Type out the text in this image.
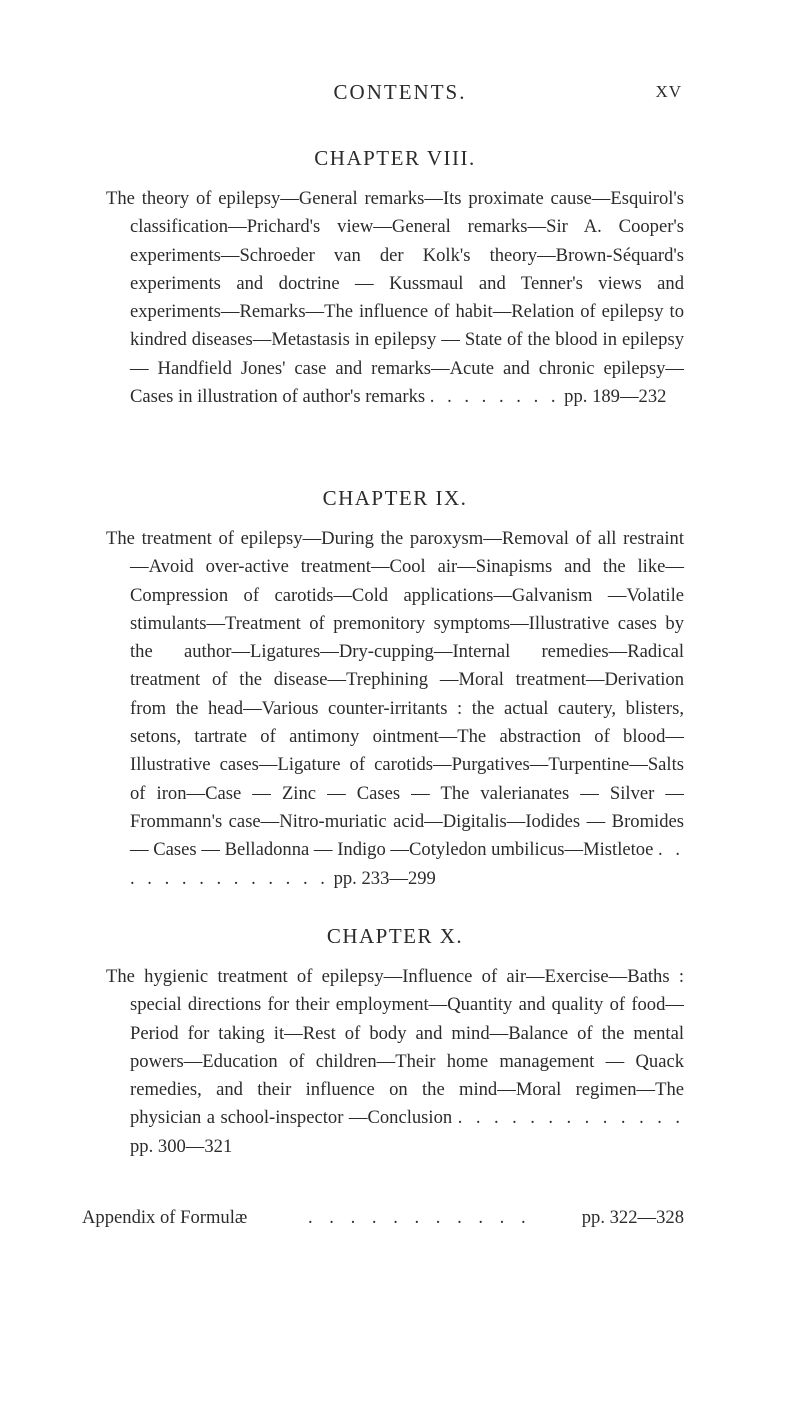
CONTENTS.	XV
CHAPTER VIII.

The theory of epilepsy—General remarks—Its proximate cause—Esquirol's classification—Prichard's view—General remarks—Sir A. Cooper's experiments—Schroeder van der Kolk's theory—Brown-Séquard's experiments and doctrine — Kussmaul and Tenner's views and experiments—Remarks—The influence of habit—Relation of epilepsy to kindred diseases—Metastasis in epilepsy — State of the blood in epilepsy — Handfield Jones' case and remarks—Acute and chronic epilepsy—Cases in illustration of author's remarks . . . . . . . . pp. 189—232

CHAPTER IX.

The treatment of epilepsy—During the paroxysm—Removal of all restraint—Avoid over-active treatment—Cool air—Sinapisms and the like—Compression of carotids—Cold applications—Galvanism —Volatile stimulants—Treatment of premonitory symptoms—Illustrative cases by the author—Ligatures—Dry-cupping—Internal remedies—Radical treatment of the disease—Trephining —Moral treatment—Derivation from the head—Various counter-irritants : the actual cautery, blisters, setons, tartrate of antimony ointment—The abstraction of blood—Illustrative cases—Ligature of carotids—Purgatives—Turpentine—Salts of iron—Case — Zinc — Cases — The valerianates — Silver — Frommann's case—Nitro-muriatic acid—Digitalis—Iodides — Bromides — Cases — Belladonna — Indigo —Cotyledon umbilicus—Mistletoe . . . . . . . . . . . . . . pp. 233—299

CHAPTER X.

The hygienic treatment of epilepsy—Influence of air—Exercise—Baths : special directions for their employment—Quantity and quality of food—Period for taking it—Rest of body and mind—Balance of the mental powers—Education of children—Their home management — Quack remedies, and their influence on the mind—Moral regimen—The physician a school-inspector —Conclusion . . . . . . . . . . . . . pp. 300—321

Appendix of Formulæ	. . . . . . . . . . .	pp. 322—328
